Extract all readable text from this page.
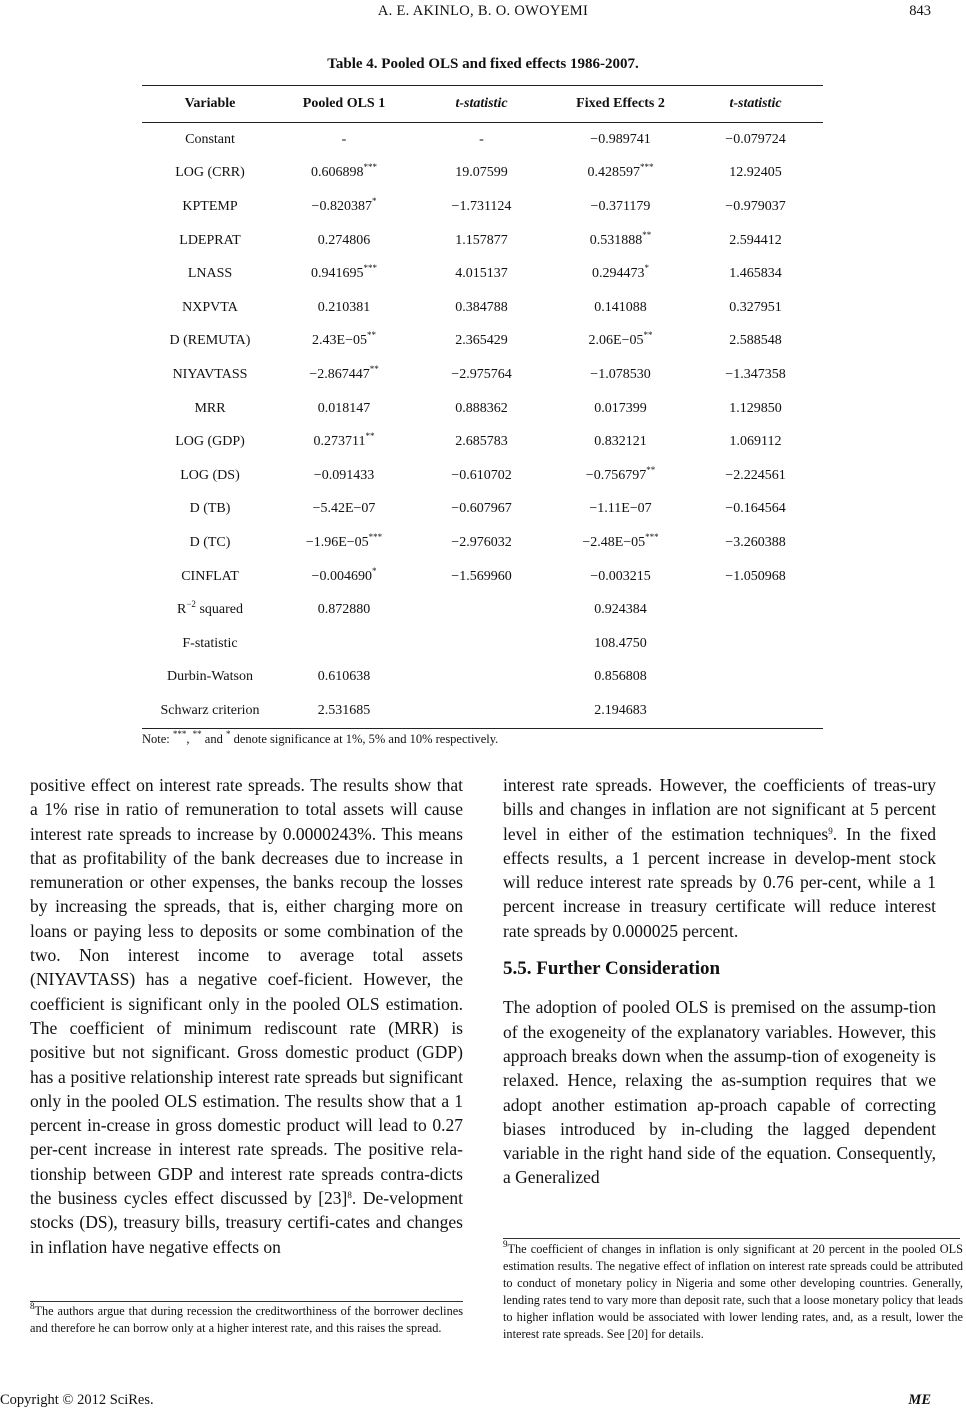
A. E. AKINLO, B. O. OWOYEMI	843
Table 4. Pooled OLS and fixed effects 1986-2007.
Variable	Pooled OLS 1	t-statistic	Fixed Effects 2	t-statistic
Constant	-	-	−0.989741	−0.079724
LOG (CRR)	0.606898***	19.07599	0.428597***	12.92405
KPTEMP	−0.820387*	−1.731124	−0.371179	−0.979037
LDEPRAT	0.274806	1.157877	0.531888**	2.594412
LNASS	0.941695***	4.015137	0.294473*	1.465834
NXPVTA	0.210381	0.384788	0.141088	0.327951
D (REMUTA)	2.43E−05**	2.365429	2.06E−05**	2.588548
NIYAVTASS	−2.867447**	−2.975764	−1.078530	−1.347358
MRR	0.018147	0.888362	0.017399	1.129850
LOG (GDP)	0.273711**	2.685783	0.832121	1.069112
LOG (DS)	−0.091433	−0.610702	−0.756797**	−2.224561
D (TB)	−5.42E−07	−0.607967	−1.11E−07	−0.164564
D (TC)	−1.96E−05***	−2.976032	−2.48E−05***	−3.260388
CINFLAT	−0.004690*	−1.569960	−0.003215	−1.050968
$R^{-2}$ squared	0.872880		0.924384	
F-statistic			108.4750	
Durbin-Watson	0.610638		0.856808	
Schwarz criterion	2.531685		2.194683	
Note: ***, ** and * denote significance at 1%, 5% and 10% respectively.

positive effect on interest rate spreads. The results show that a 1% rise in ratio of remuneration to total assets will cause interest rate spreads to increase by 0.0000243%. This means that as profitability of the bank decreases due to increase in remuneration or other expenses, the banks recoup the losses by increasing the spreads, that is, either charging more on loans or paying less to deposits or some combination of the two. Non interest income to average total assets (NIYAVTASS) has a negative coef-ficient. However, the coefficient is significant only in the pooled OLS estimation. The coefficient of minimum rediscount rate (MRR) is positive but not significant. Gross domestic product (GDP) has a positive relationship interest rate spreads but significant only in the pooled OLS estimation. The results show that a 1 percent in-crease in gross domestic product will lead to 0.27 per-cent increase in interest rate spreads. The positive rela-tionship between GDP and interest rate spreads contra-dicts the business cycles effect discussed by $[23]^8$. De-velopment stocks (DS), treasury bills, treasury certifi-cates and changes in inflation have negative effects on

interest rate spreads. However, the coefficients of treas-ury bills and changes in inflation are not significant at 5 percent level in either of the estimation techniques$^9$. In the fixed effects results, a 1 percent increase in develop-ment stock will reduce interest rate spreads by 0.76 per-cent, while a 1 percent increase in treasury certificate will reduce interest rate spreads by 0.000025 percent.

5.5. Further Consideration

The adoption of pooled OLS is premised on the assump-tion of the exogeneity of the explanatory variables. However, this approach breaks down when the assump-tion of exogeneity is relaxed. Hence, relaxing the as-sumption requires that we adopt another estimation ap-proach capable of correcting biases introduced by in-cluding the lagged dependent variable in the right hand side of the equation. Consequently, a Generalized

$^8$The authors argue that during recession the creditworthiness of the borrower declines and therefore he can borrow only at a higher interest rate, and this raises the spread.
$^9$The coefficient of changes in inflation is only significant at 20 percent in the pooled OLS estimation results. The negative effect of inflation on interest rate spreads could be attributed to conduct of monetary policy in Nigeria and some other developing countries. Generally, lending rates tend to vary more than deposit rate, such that a loose monetary policy that leads to higher inflation would be associated with lower lending rates, and, as a result, lower the interest rate spreads. See [20] for details.
Copyright © 2012 SciRes.	ME
